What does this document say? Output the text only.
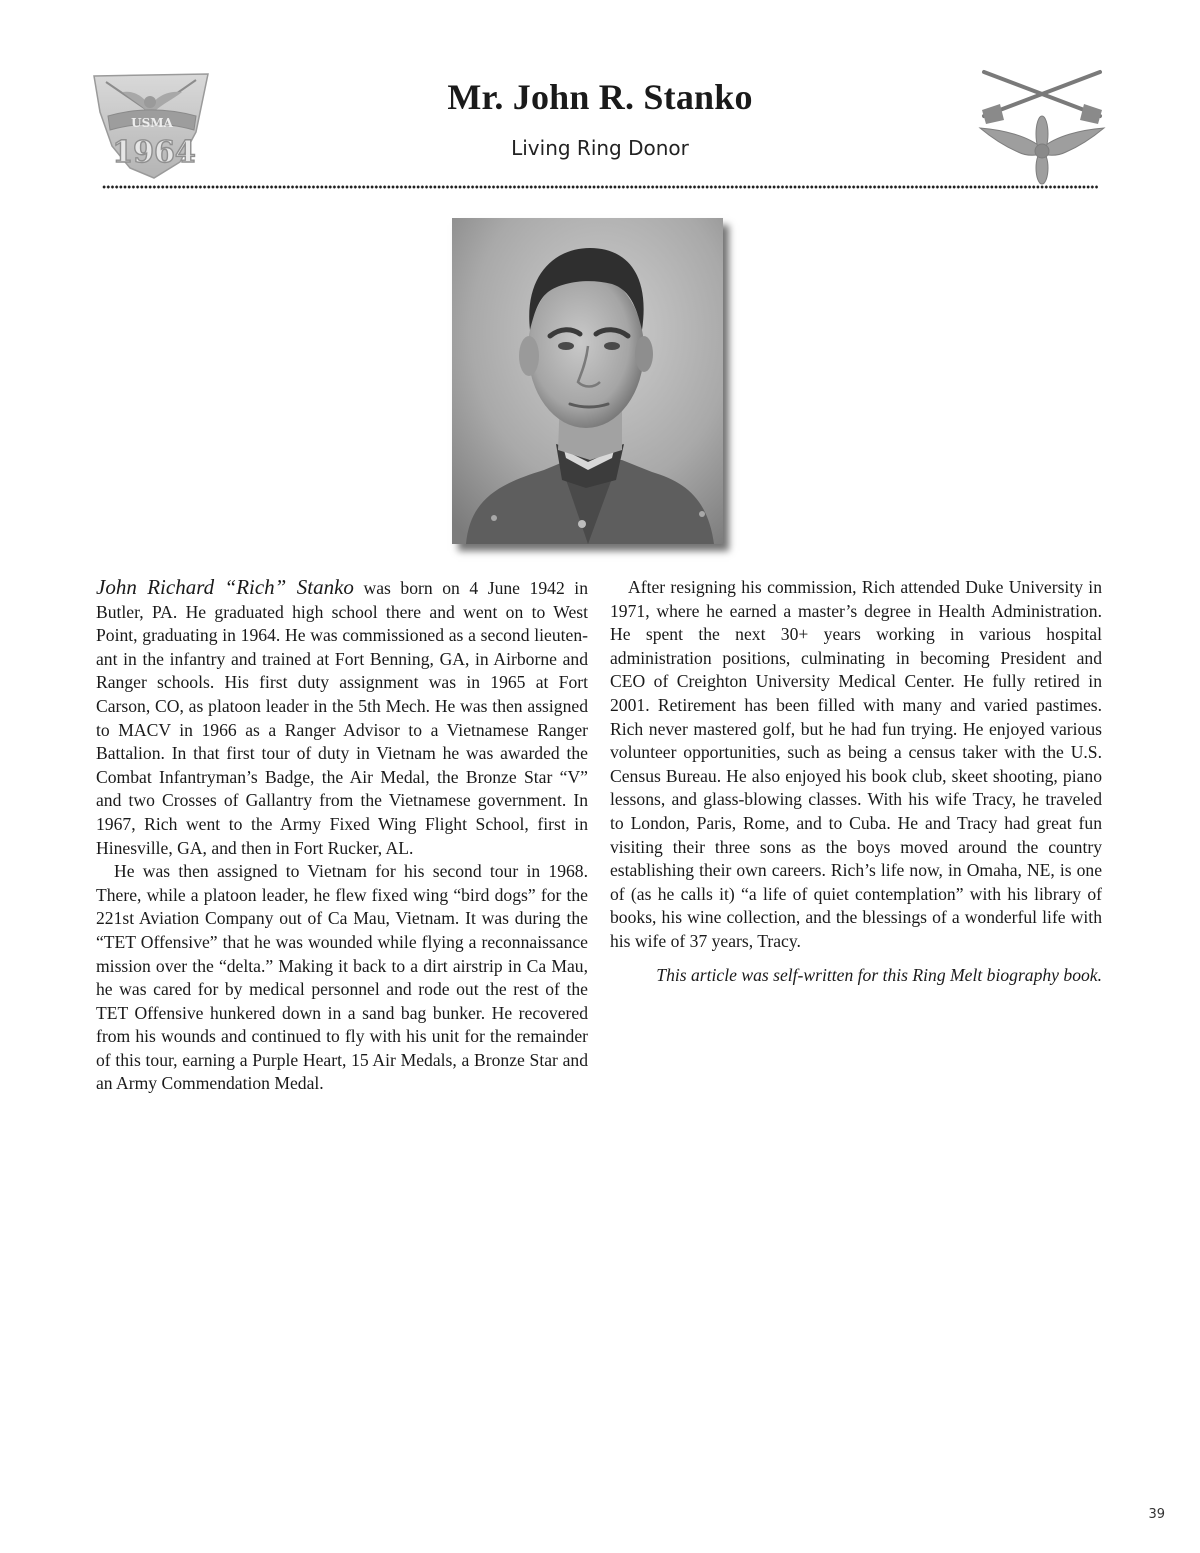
USMA
1964
Mr. John R. Stanko
Living Ring Donor

John Richard “Rich” Stanko was born on 4 June 1942 in Butler, PA. He graduated high school there and went on to West Point, graduating in 1964. He was commissioned as a second lieutenant in the infantry and trained at Fort Benning, GA, in Airborne and Ranger schools. His first duty assignment was in 1965 at Fort Carson, CO, as platoon leader in the 5th Mech. He was then assigned to MACV in 1966 as a Ranger Advisor to a Vietnamese Ranger Battalion. In that first tour of duty in Vietnam he was awarded the Combat Infantryman’s Badge, the Air Medal, the Bronze Star “V” and two Crosses of Gallantry from the Vietnamese government. In 1967, Rich went to the Army Fixed Wing Flight School, first in Hinesville, GA, and then in Fort Rucker, AL.

He was then assigned to Vietnam for his second tour in 1968. There, while a platoon leader, he flew fixed wing “bird dogs” for the 221st Aviation Company out of Ca Mau, Vietnam. It was during the “TET Offensive” that he was wounded while flying a reconnaissance mission over the “delta.” Making it back to a dirt airstrip in Ca Mau, he was cared for by medical personnel and rode out the rest of the TET Offensive hunkered down in a sand bag bunker. He recovered from his wounds and continued to fly with his unit for the remainder of this tour, earning a Purple Heart, 15 Air Medals, a Bronze Star and an Army Commendation Medal.

After resigning his commission, Rich attended Duke University in 1971, where he earned a master’s degree in Health Administration. He spent the next 30+ years working in various hospital administration positions, culminating in becoming President and CEO of Creighton University Medical Center. He fully retired in 2001. Retirement has been filled with many and varied pastimes. Rich never mastered golf, but he had fun trying. He enjoyed various volunteer opportunities, such as being a census taker with the U.S. Census Bureau. He also enjoyed his book club, skeet shooting, piano lessons, and glass-blowing classes. With his wife Tracy, he traveled to London, Paris, Rome, and to Cuba. He and Tracy had great fun visiting their three sons as the boys moved around the country establishing their own careers. Rich’s life now, in Omaha, NE, is one of (as he calls it) “a life of quiet contemplation” with his library of books, his wine collection, and the blessings of a wonderful life with his wife of 37 years, Tracy.

This article was self-written for this Ring Melt biography book.

39
